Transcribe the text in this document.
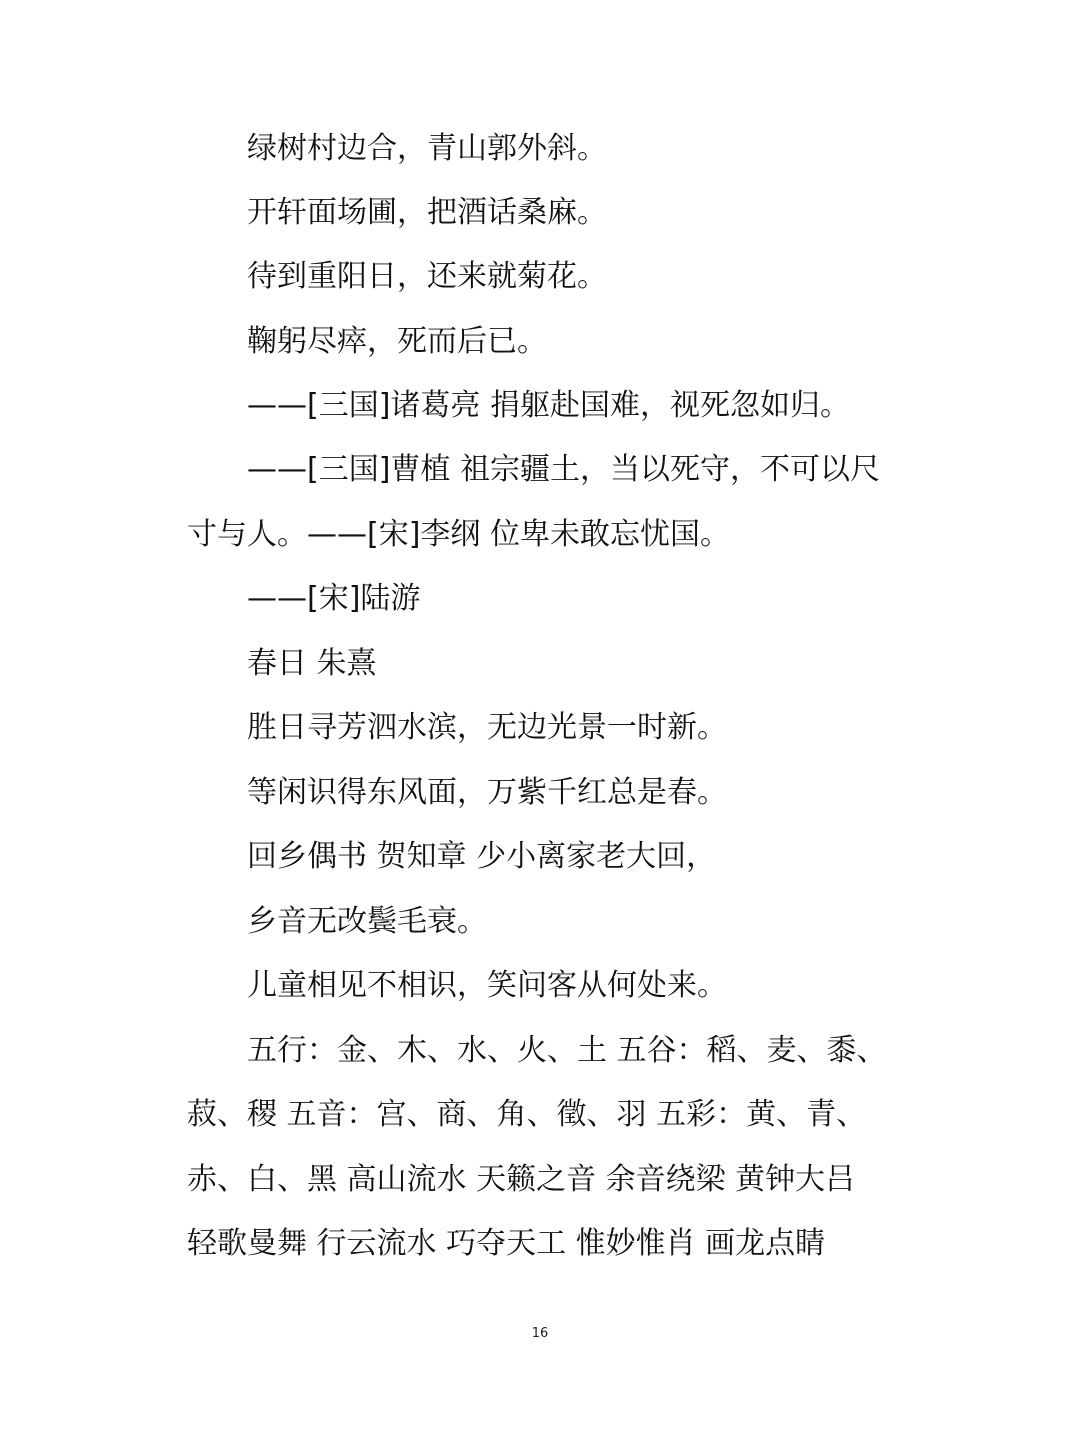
绿树村边合，青山郭外斜。
开轩面场圃，把酒话桑麻。
待到重阳日，还来就菊花。
鞠躬尽瘁，死而后已。
——[三国]诸葛亮 捐躯赴国难，视死忽如归。
——[三国]曹植 祖宗疆土，当以死守，不可以尺
寸与人。——[宋]李纲 位卑未敢忘忧国。
——[宋]陆游
春日 朱熹
胜日寻芳泗水滨，无边光景一时新。
等闲识得东风面，万紫千红总是春。
回乡偶书 贺知章 少小离家老大回，
乡音无改鬓毛衰。
儿童相见不相识，笑问客从何处来。
五行：金、木、水、火、土 五谷：稻、麦、黍、
菽、稷 五音：宫、商、角、徵、羽 五彩：黄、青、
赤、白、黑 高山流水 天籁之音 余音绕梁 黄钟大吕
轻歌曼舞 行云流水 巧夺天工 惟妙惟肖 画龙点睛
16
